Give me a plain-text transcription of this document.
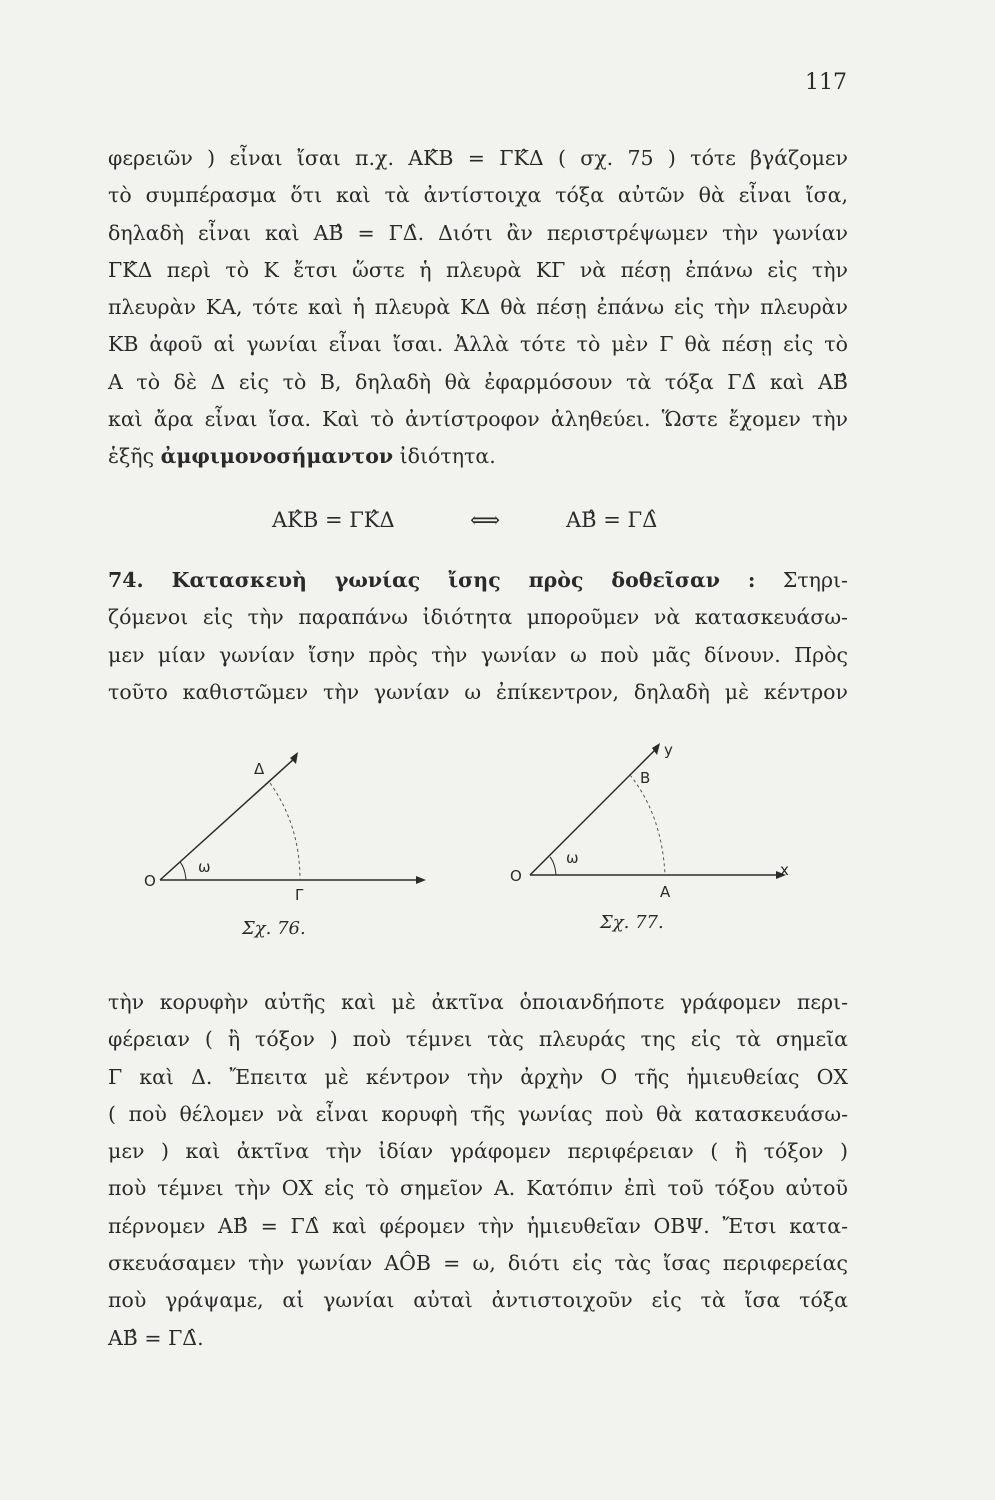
117
φερειῶν ) εἶναι ἴσαι π.χ. ΑΚ̂Β = ΓΚ̂Δ ( σχ. 75 ) τότε βγάζομεν
τὸ συμπέρασμα ὅτι καὶ τὰ ἀντίστοιχα τόξα αὐτῶν θὰ εἶναι ἴσα,
δηλαδὴ εἶναι καὶ ΑΒ̂ = ΓΔ̂. Διότι ἂν περιστρέψωμεν τὴν γωνίαν
ΓΚ̂Δ περὶ τὸ Κ ἔτσι ὥστε ἡ πλευρὰ ΚΓ νὰ πέσῃ ἐπάνω εἰς τὴν
πλευρὰν ΚΑ, τότε καὶ ἡ πλευρὰ ΚΔ θὰ πέσῃ ἐπάνω εἰς τὴν πλευρὰν
ΚΒ ἀφοῦ αἱ γωνίαι εἶναι ἴσαι. Ἀλλὰ τότε τὸ μὲν Γ θὰ πέσῃ εἰς τὸ
Α τὸ δὲ Δ εἰς τὸ Β, δηλαδὴ θὰ ἐφαρμόσουν τὰ τόξα ΓΔ̂ καὶ ΑΒ̂
καὶ ἄρα εἶναι ἴσα. Καὶ τὸ ἀντίστροφον ἀληθεύει. Ὥστε ἔχομεν τὴν
ἑξῆς ἀμφιμονοσήμαντον ἰδιότητα.
ΑΚ̂Β = ΓΚ̂Δ	⟺	ΑΒ̂ = ΓΔ̂
74. Κατασκευὴ γωνίας ἴσης πρὸς δοθεῖσαν : Στηρι-
ζόμενοι εἰς τὴν παραπάνω ἰδιότητα μποροῦμεν νὰ κατασκευάσω-
μεν μίαν γωνίαν ἴσην πρὸς τὴν γωνίαν ω ποὺ μᾶς δίνουν. Πρὸς
τοῦτο καθιστῶμεν τὴν γωνίαν ω ἐπίκεντρον, δηλαδὴ μὲ κέντρον
O
ω
Γ
Δ
Σχ. 76.
O
ω
Α
Β
x
y
Σχ. 77.
τὴν κορυφὴν αὐτῆς καὶ μὲ ἀκτῖνα ὁποιανδήποτε γράφομεν περι-
φέρειαν ( ἢ τόξον ) ποὺ τέμνει τὰς πλευράς της εἰς τὰ σημεῖα
Γ καὶ Δ. Ἔπειτα μὲ κέντρον τὴν ἀρχὴν Ο τῆς ἡμιευθείας ΟΧ
( ποὺ θέλομεν νὰ εἶναι κορυφὴ τῆς γωνίας ποὺ θὰ κατασκευάσω-
μεν ) καὶ ἀκτῖνα τὴν ἰδίαν γράφομεν περιφέρειαν ( ἢ τόξον )
ποὺ τέμνει τὴν ΟΧ εἰς τὸ σημεῖον Α. Κατόπιν ἐπὶ τοῦ τόξου αὐτοῦ
πέρνομεν ΑΒ̂ = ΓΔ̂ καὶ φέρομεν τὴν ἡμιευθεῖαν ΟΒΨ. Ἔτσι κατα-
σκευάσαμεν τὴν γωνίαν ΑÔΒ = ω, διότι εἰς τὰς ἴσας περιφερείας
ποὺ γράψαμε, αἱ γωνίαι αὐταὶ ἀντιστοιχοῦν εἰς τὰ ἴσα τόξα
ΑΒ̂ = ΓΔ̂.
